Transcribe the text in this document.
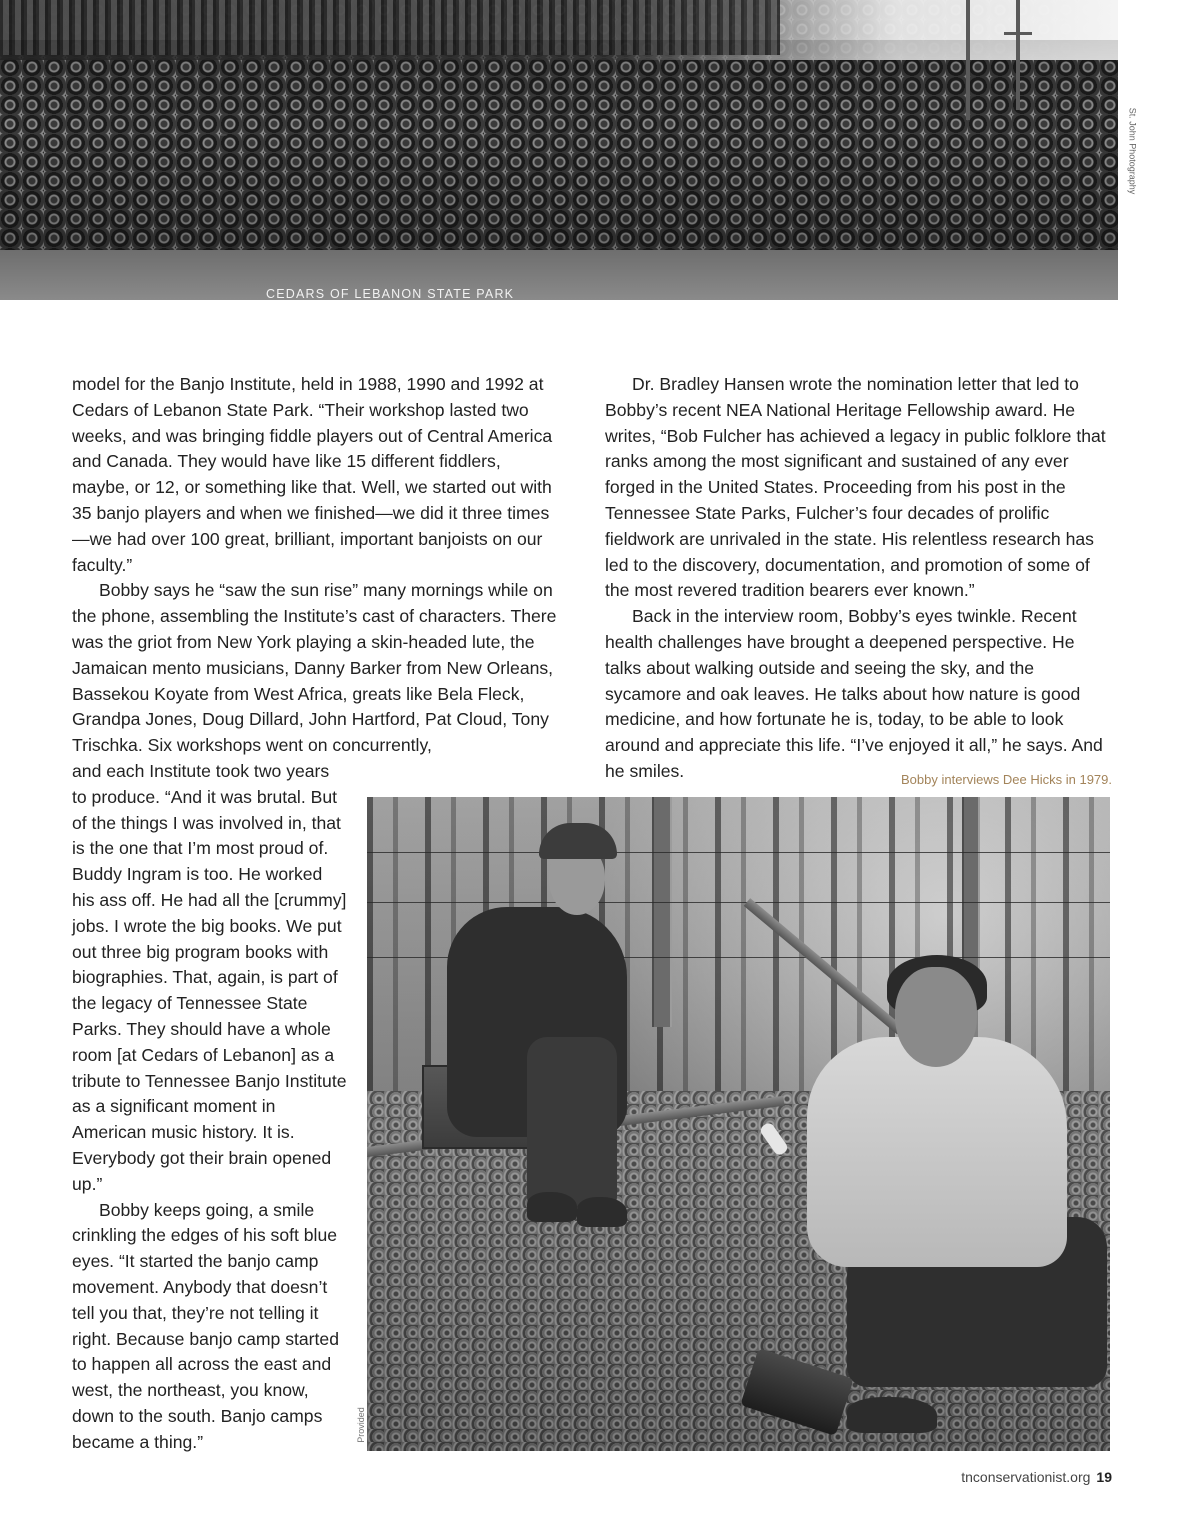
CEDARS OF LEBANON STATE PARK
St. John Photography

model for the Banjo Institute, held in 1988, 1990 and 1992 at Cedars of Lebanon State Park. “Their workshop lasted two weeks, and was bringing fiddle players out of Central America and Canada. They would have like 15 different fiddlers, maybe, or 12, or something like that. Well, we started out with 35 banjo players and when we finished—we did it three times—we had over 100 great, brilliant, important banjoists on our faculty.”

Bobby says he “saw the sun rise” many mornings while on the phone, assembling the Institute’s cast of characters. There was the griot from New York playing a skin-headed lute, the Jamaican mento musicians, Danny Barker from New Orleans, Bassekou Koyate from West Africa, greats like Bela Fleck, Grandpa Jones, Doug Dillard, John Hartford, Pat Cloud, Tony Trischka. Six workshops went on concurrently,

and each Institute took two years to produce. “And it was brutal. But of the things I was involved in, that is the one that I’m most proud of. Buddy Ingram is too. He worked his ass off. He had all the [crummy] jobs. I wrote the big books. We put out three big program books with biographies. That, again, is part of the legacy of Tennessee State Parks. They should have a whole room [at Cedars of Lebanon] as a tribute to Tennessee Banjo Institute as a significant moment in American music history. It is. Everybody got their brain opened up.”

Bobby keeps going, a smile crinkling the edges of his soft blue eyes. “It started the banjo camp movement. Anybody that doesn’t tell you that, they’re not telling it right. Because banjo camp started to happen all across the east and west, the northeast, you know, down to the south. Banjo camps became a thing.”

Dr. Bradley Hansen wrote the nomination letter that led to Bobby’s recent NEA National Heritage Fellowship award. He writes, “Bob Fulcher has achieved a legacy in public folklore that ranks among the most significant and sustained of any ever forged in the United States. Proceeding from his post in the Tennessee State Parks, Fulcher’s four decades of prolific fieldwork are unrivaled in the state. His relentless research has led to the discovery, documentation, and promotion of some of the most revered tradition bearers ever known.”

Back in the interview room, Bobby’s eyes twinkle. Recent health challenges have brought a deepened perspective. He talks about walking outside and seeing the sky, and the sycamore and oak leaves. He talks about how nature is good medicine, and how fortunate he is, today, to be able to look around and appreciate this life. “I’ve enjoyed it all,” he says. And he smiles.	Bobby interviews Dee Hicks in 1979.
Provided
tnconservationist.org 19
